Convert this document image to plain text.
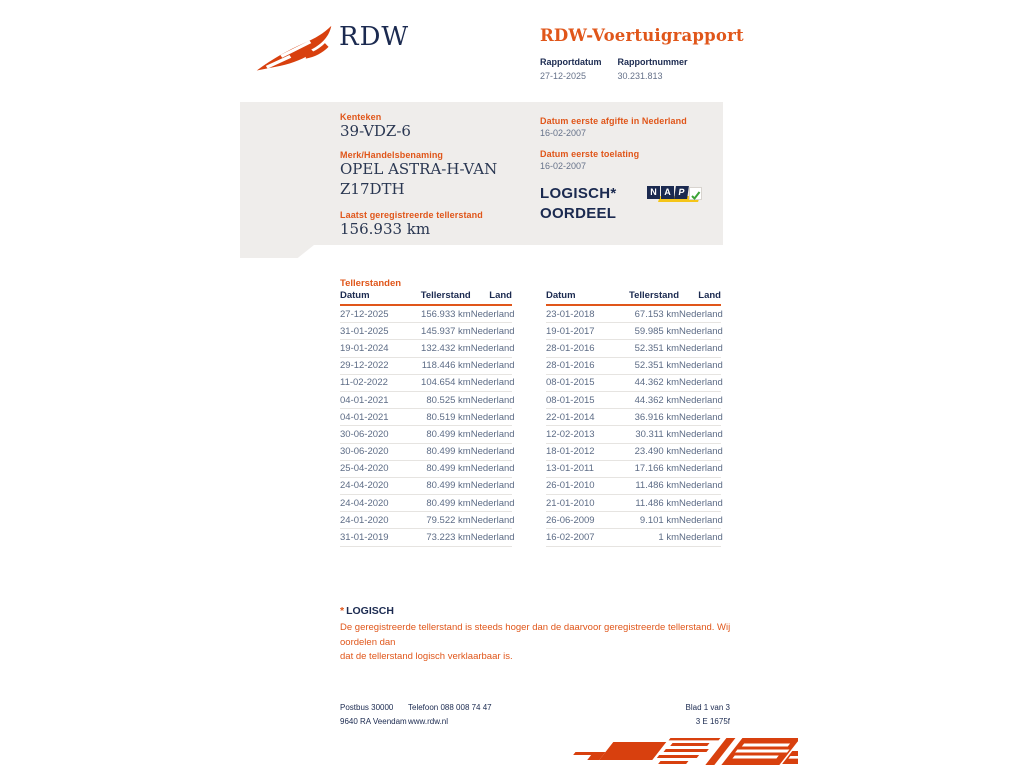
RDW	RDW-Voertuigrapport
Rapportdatum
27-12-2025
Rapportnummer
30.231.813
Kenteken
39-VDZ-6
Merk/Handelsbenaming
OPEL ASTRA-H-VAN
Z17DTH
Laatst geregistreerde tellerstand
156.933 km
Datum eerste afgifte in Nederland
16-02-2007
Datum eerste toelating
16-02-2007
LOGISCH*
OORDEEL
N A P
Tellerstanden
Datum	Tellerstand	Land
27-12-2025	156.933 km	Nederland
31-01-2025	145.937 km	Nederland
19-01-2024	132.432 km	Nederland
29-12-2022	118.446 km	Nederland
11-02-2022	104.654 km	Nederland
04-01-2021	80.525 km	Nederland
04-01-2021	80.519 km	Nederland
30-06-2020	80.499 km	Nederland
30-06-2020	80.499 km	Nederland
25-04-2020	80.499 km	Nederland
24-04-2020	80.499 km	Nederland
24-04-2020	80.499 km	Nederland
24-01-2020	79.522 km	Nederland
31-01-2019	73.223 km	Nederland
Datum	Tellerstand	Land
23-01-2018	67.153 km	Nederland
19-01-2017	59.985 km	Nederland
28-01-2016	52.351 km	Nederland
28-01-2016	52.351 km	Nederland
08-01-2015	44.362 km	Nederland
08-01-2015	44.362 km	Nederland
22-01-2014	36.916 km	Nederland
12-02-2013	30.311 km	Nederland
18-01-2012	23.490 km	Nederland
13-01-2011	17.166 km	Nederland
26-01-2010	11.486 km	Nederland
21-01-2010	11.486 km	Nederland
26-06-2009	9.101 km	Nederland
16-02-2007	1 km	Nederland
* LOGISCH
De geregistreerde tellerstand is steeds hoger dan de daarvoor geregistreerde tellerstand. Wij oordelen dan
dat de tellerstand logisch verklaarbaar is.
Postbus 30000
9640 RA Veendam
Telefoon 088 008 74 47
www.rdw.nl
Blad 1 van 3
3 E 1675f
